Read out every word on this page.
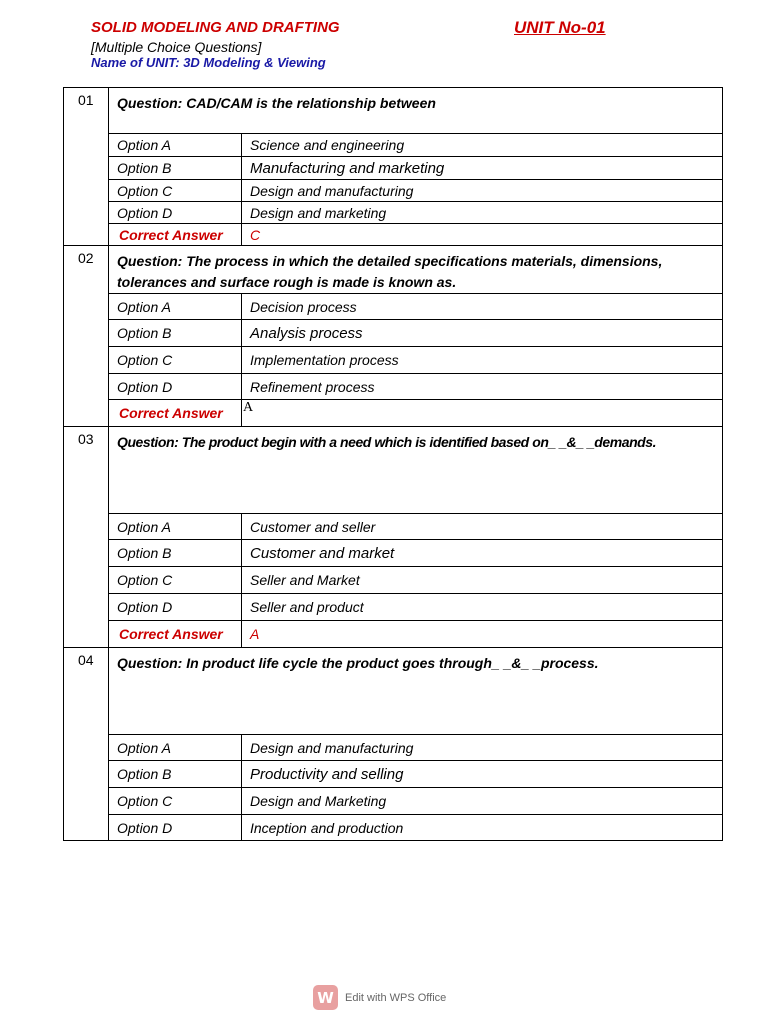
SOLID MODELING AND DRAFTING	UNIT No-01
[Multiple Choice Questions]
Name of UNIT: 3D Modeling & Viewing
01	Question: CAD/CAM is the relationship between	
	Option A	Science and engineering
	Option B	Manufacturing and marketing
	Option C	Design and manufacturing
	Option D	Design and marketing
	Correct Answer	C
02	Question: The process in which the detailed specifications materials, dimensions, tolerances and surface rough is made is known as.	
	Option A	Decision process
	Option B	Analysis process
	Option C	Implementation process
	Option D	Refinement process
	Correct Answer	A
03	Question: The product begin with a need which is identified based on_ _&_ _demands.	
	Option A	Customer and seller
	Option B	Customer and market
	Option C	Seller and Market
	Option D	Seller and product
	Correct Answer	A
04	Question: In product life cycle the product goes through_ _&_ _process.	
	Option A	Design and manufacturing
	Option B	Productivity and selling
	Option C	Design and Marketing
	Option D	Inception and production
W	Edit with WPS Office
